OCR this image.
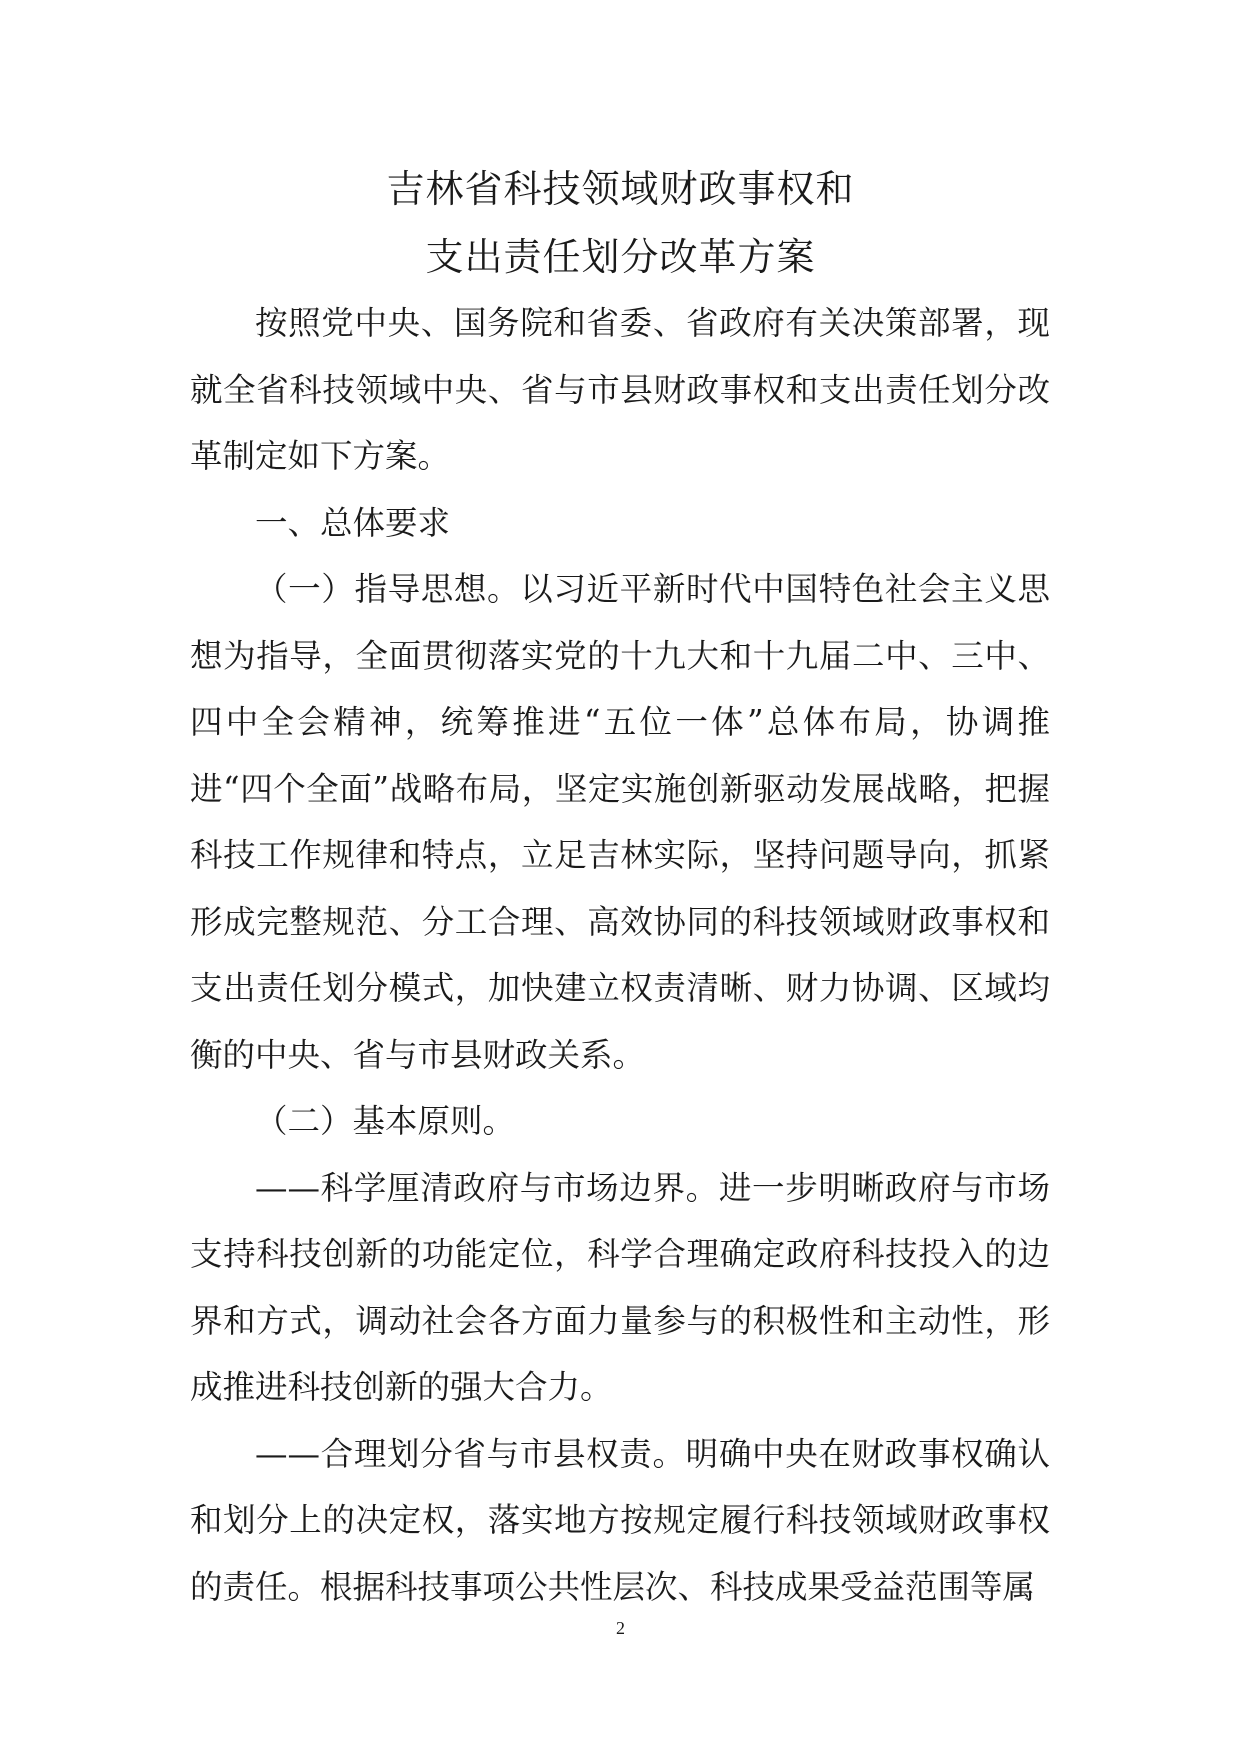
吉林省科技领域财政事权和
支出责任划分改革方案

按照党中央、国务院和省委、省政府有关决策部署，现就全省科技领域中央、省与市县财政事权和支出责任划分改革制定如下方案。

一、总体要求

（一）指导思想。以习近平新时代中国特色社会主义思想为指导，全面贯彻落实党的十九大和十九届二中、三中、四中全会精神，统筹推进“五位一体”总体布局，协调推进“四个全面”战略布局，坚定实施创新驱动发展战略，把握科技工作规律和特点，立足吉林实际，坚持问题导向，抓紧形成完整规范、分工合理、高效协同的科技领域财政事权和支出责任划分模式，加快建立权责清晰、财力协调、区域均衡的中央、省与市县财政关系。

（二）基本原则。

——科学厘清政府与市场边界。进一步明晰政府与市场支持科技创新的功能定位，科学合理确定政府科技投入的边界和方式，调动社会各方面力量参与的积极性和主动性，形成推进科技创新的强大合力。

——合理划分省与市县权责。明确中央在财政事权确认和划分上的决定权，落实地方按规定履行科技领域财政事权的责任。根据科技事项公共性层次、科技成果受益范围等属

2
